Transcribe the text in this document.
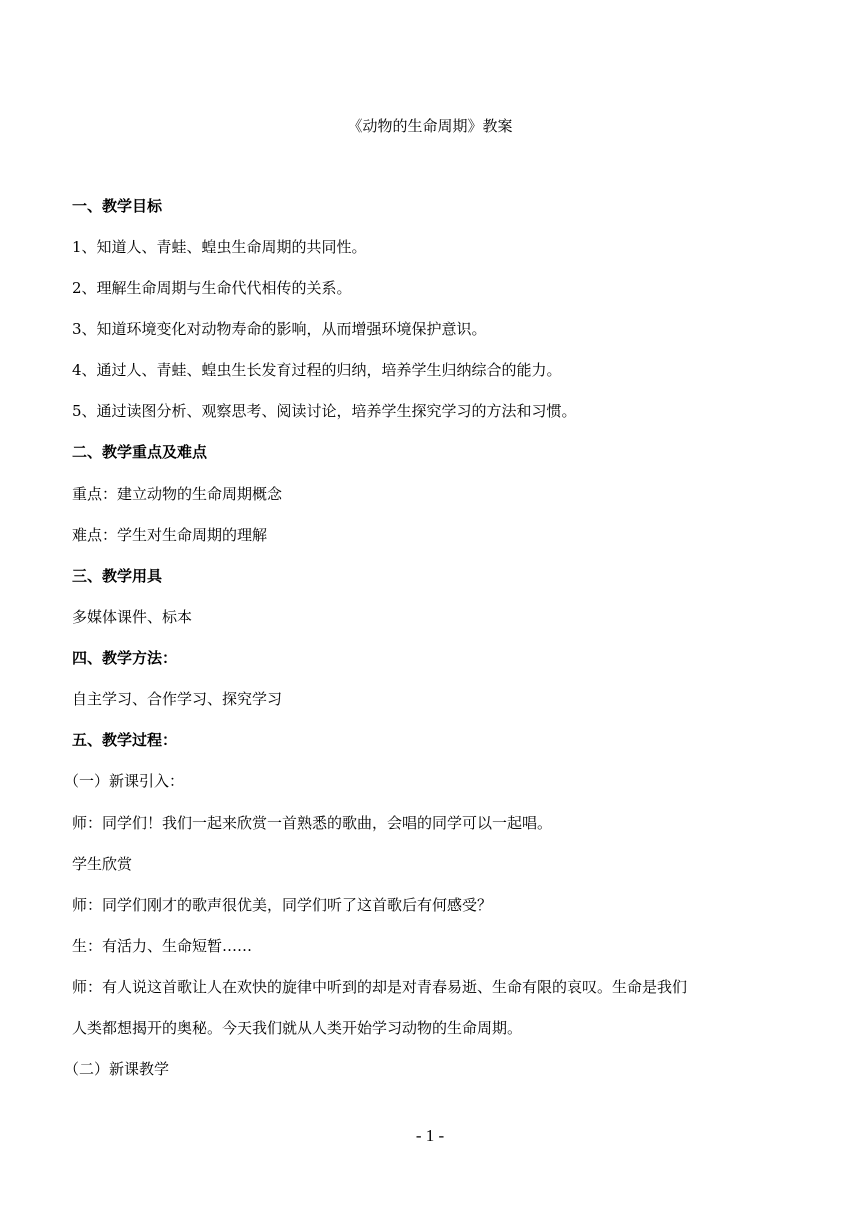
《动物的生命周期》教案
一、教学目标
1、知道人、青蛙、蝗虫生命周期的共同性。
2、理解生命周期与生命代代相传的关系。
3、知道环境变化对动物寿命的影响，从而增强环境保护意识。
4、通过人、青蛙、蝗虫生长发育过程的归纳，培养学生归纳综合的能力。
5、通过读图分析、观察思考、阅读讨论，培养学生探究学习的方法和习惯。
二、教学重点及难点
重点：建立动物的生命周期概念
难点：学生对生命周期的理解
三、教学用具
多媒体课件、标本
四、教学方法：
自主学习、合作学习、探究学习
五、教学过程：
（一）新课引入：
师：同学们！我们一起来欣赏一首熟悉的歌曲，会唱的同学可以一起唱。
学生欣赏
师：同学们刚才的歌声很优美，同学们听了这首歌后有何感受？
生：有活力、生命短暂……
师：有人说这首歌让人在欢快的旋律中听到的却是对青春易逝、生命有限的哀叹。生命是我们
人类都想揭开的奥秘。今天我们就从人类开始学习动物的生命周期。
（二）新课教学
- 1 -
